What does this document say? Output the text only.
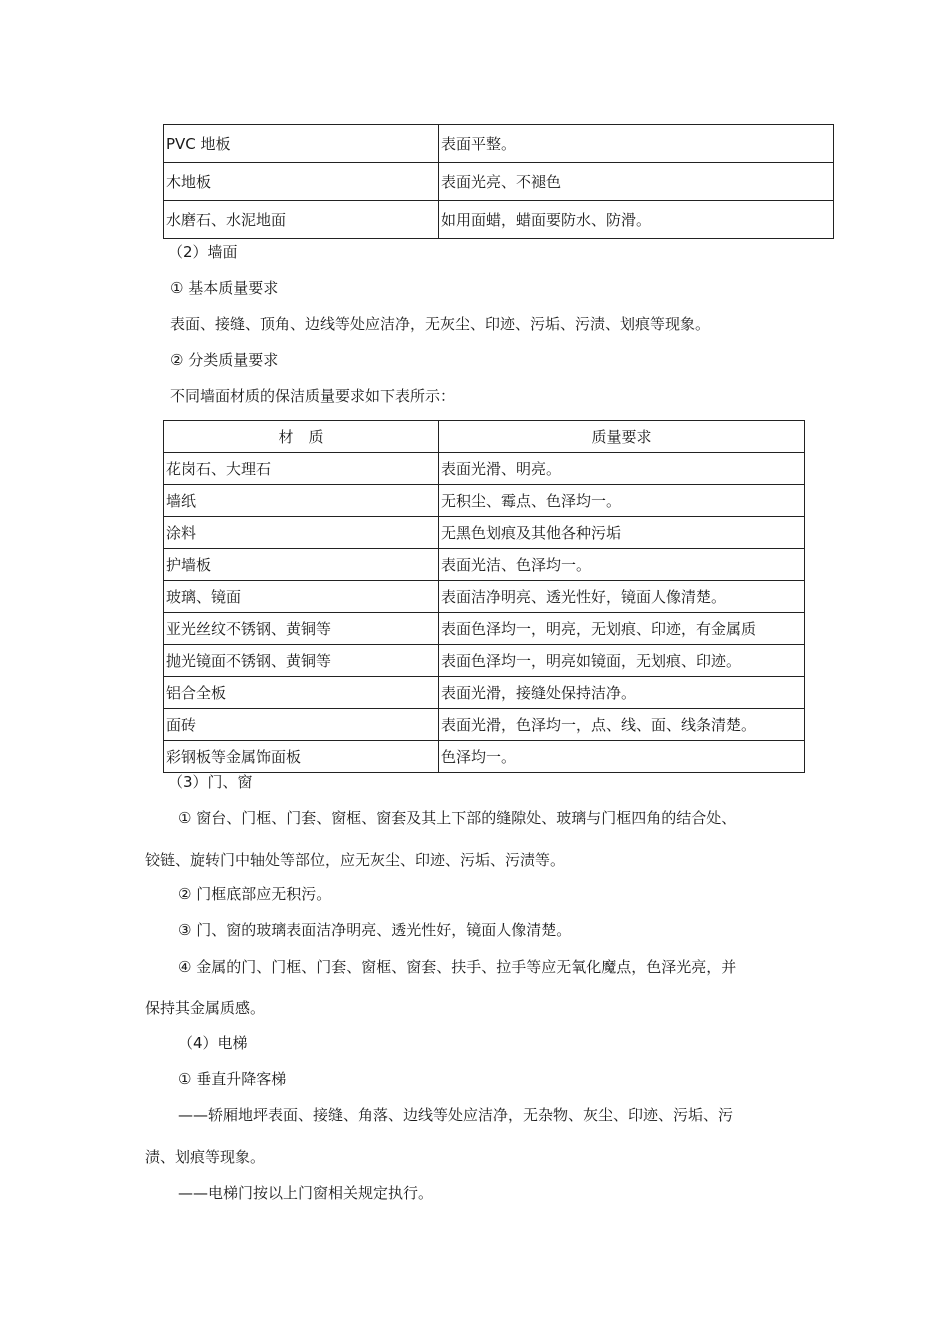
PVC 地板	表面平整。
木地板	表面光亮、不褪色
水磨石、水泥地面	如用面蜡，蜡面要防水、防滑。
（2）墙面
① 基本质量要求
表面、接缝、顶角、边线等处应洁净，无灰尘、印迹、污垢、污渍、划痕等现象。
② 分类质量要求
不同墙面材质的保洁质量要求如下表所示：
材　质	质量要求
花岗石、大理石	表面光滑、明亮。
墙纸	无积尘、霉点、色泽均一。
涂料	无黑色划痕及其他各种污垢
护墙板	表面光洁、色泽均一。
玻璃、镜面	表面洁净明亮、透光性好，镜面人像清楚。
亚光丝纹不锈钢、黄铜等	表面色泽均一，明亮，无划痕、印迹，有金属质
抛光镜面不锈钢、黄铜等	表面色泽均一，明亮如镜面，无划痕、印迹。
铝合全板	表面光滑，接缝处保持洁净。
面砖	表面光滑，色泽均一，点、线、面、线条清楚。
彩钢板等金属饰面板	色泽均一。
（3）门、窗
① 窗台、门框、门套、窗框、窗套及其上下部的缝隙处、玻璃与门框四角的结合处、
铰链、旋转门中轴处等部位，应无灰尘、印迹、污垢、污渍等。
② 门框底部应无积污。
③ 门、窗的玻璃表面洁净明亮、透光性好，镜面人像清楚。
④ 金属的门、门框、门套、窗框、窗套、扶手、拉手等应无氧化魔点，色泽光亮，并
保持其金属质感。
（4）电梯
① 垂直升降客梯
——轿厢地坪表面、接缝、角落、边线等处应洁净，无杂物、灰尘、印迹、污垢、污
渍、划痕等现象。
——电梯门按以上门窗相关规定执行。
